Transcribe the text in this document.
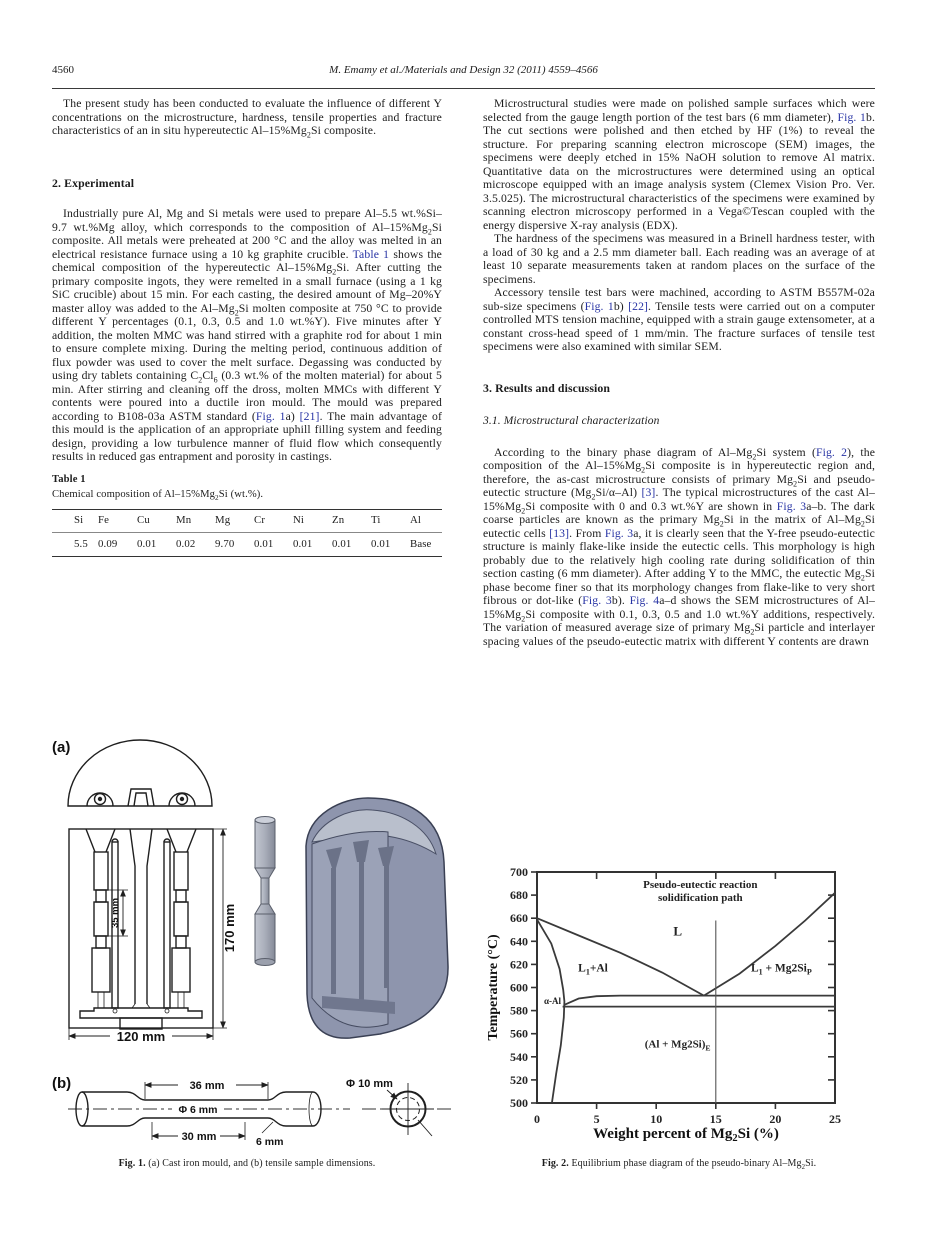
4560	M. Emamy et al./Materials and Design 32 (2011) 4559–4566

The present study has been conducted to evaluate the influence of different Y concentrations on the microstructure, hardness, tensile properties and fracture characteristics of an in situ hypereutectic $Al-15\%Mg_2Si$ composite.

2. Experimental

Industrially pure Al, Mg and Si metals were used to prepare Al–5.5 wt.%Si–9.7 wt.%Mg alloy, which corresponds to the composition of $Al-15\%Mg_2Si$ composite. All metals were preheated at 200 °C and the alloy was melted in an electrical resistance furnace using a 10 kg graphite crucible. Table 1 shows the chemical composition of the hypereutectic $Al-15\%Mg_2Si$. After cutting the primary composite ingots, they were remelted in a small furnace (using a 1 kg SiC crucible) about 15 min. For each casting, the desired amount of Mg–20%Y master alloy was added to the $Al-Mg_2Si$ molten composite at 750 °C to provide different Y percentages (0.1, 0.3, 0.5 and 1.0 wt.%Y). Five minutes after Y addition, the molten MMC was hand stirred with a graphite rod for about 1 min to ensure complete mixing. During the melting period, continuous addition of flux powder was used to cover the melt surface. Degassing was conducted by using dry tablets containing $C_2Cl_6$ (0.3 wt.% of the molten material) for about 5 min. After stirring and cleaning off the dross, molten MMCs with different Y contents were poured into a ductile iron mould. The mould was prepared according to B108-03a ASTM standard (Fig. 1a) [21]. The main advantage of this mould is the application of an appropriate uphill filling system and feeding design, providing a low turbulence manner of fluid flow which consequently results in reduced gas entrapment and porosity in castings.

Table 1
Chemical composition of $Al-15\%Mg_2Si$ (wt.%).
Si	Fe	Cu	Mn	Mg	Cr	Ni	Zn	Ti	Al
5.5	0.09	0.01	0.02	9.70	0.01	0.01	0.01	0.01	Base

Microstructural studies were made on polished sample surfaces which were selected from the gauge length portion of the test bars (6 mm diameter), Fig. 1b. The cut sections were polished and then etched by HF (1%) to reveal the structure. For preparing scanning electron microscope (SEM) images, the specimens were deeply etched in 15% NaOH solution to remove Al matrix. Quantitative data on the microstructures were determined using an optical microscope equipped with an image analysis system (Clemex Vision Pro. Ver. 3.5.025). The microstructural characteristics of the specimens were examined by scanning electron microscopy performed in a Vega©Tescan coupled with the energy dispersive X-ray analysis (EDX).

The hardness of the specimens was measured in a Brinell hardness tester, with a load of 30 kg and a 2.5 mm diameter ball. Each reading was an average of at least 10 separate measurements taken at random places on the surface of the specimens.

Accessory tensile test bars were machined, according to ASTM B557M-02a sub-size specimens (Fig. 1b) [22]. Tensile tests were carried out on a computer controlled MTS tension machine, equipped with a strain gauge extensometer, at a constant cross-head speed of 1 mm/min. The fracture surfaces of tensile test specimens were also examined with similar SEM.

3. Results and discussion

3.1. Microstructural characterization

According to the binary phase diagram of $Al-Mg_2Si$ system (Fig. 2), the composition of the $Al-15\%Mg_2Si$ composite is in hypereutectic region and, therefore, the as-cast microstructure consists of primary $Mg_2Si$ and pseudo-eutectic structure $(Mg_2Si/\alpha-Al)$ [3]. The typical microstructures of the cast $Al-15\%Mg_2Si$ composite with 0 and 0.3 wt.%Y are shown in Fig. 3a–b. The dark coarse particles are known as the primary $Mg_2Si$ in the matrix of $Al-Mg_2Si$ eutectic cells [13]. From Fig. 3a, it is clearly seen that the Y-free pseudo-eutectic structure is mainly flake-like inside the eutectic cells. This morphology is high probably due to the relatively high cooling rate during solidification of thin section casting (6 mm diameter). After adding Y to the MMC, the eutectic $Mg_2Si$ phase become finer so that its morphology changes from flake-like to very short fibrous or dot-like (Fig. 3b). Fig. 4a–d shows the SEM microstructures of $Al-15\%Mg_2Si$ composite with 0.1, 0.3, 0.5 and 1.0 wt.%Y additions, respectively. The variation of measured average size of primary $Mg_2Si$ particle and interlayer spacing values of the pseudo-eutectic matrix with different Y contents are drawn

(a)
35 mm	170 mm
120 mm
(b)	36 mm
Φ 6 mm
30 mm	6 mm
Φ 10 mm
Fig. 1. (a) Cast iron mould, and (b) tensile sample dimensions.
500
520
540
560
580
600
620
640
660
680
700
0	5	10	15	20	25
Pseudo-eutectic reaction
solidification path
L
$L_1+Al$	$L_1 + Mg2Si_P$
α-Al
$(Al + Mg2Si)_E$
Weight percent of $Mg_2Si$ (%)
Temperature (°C)
Fig. 2. Equilibrium phase diagram of the pseudo-binary $Al-Mg_2Si$.
